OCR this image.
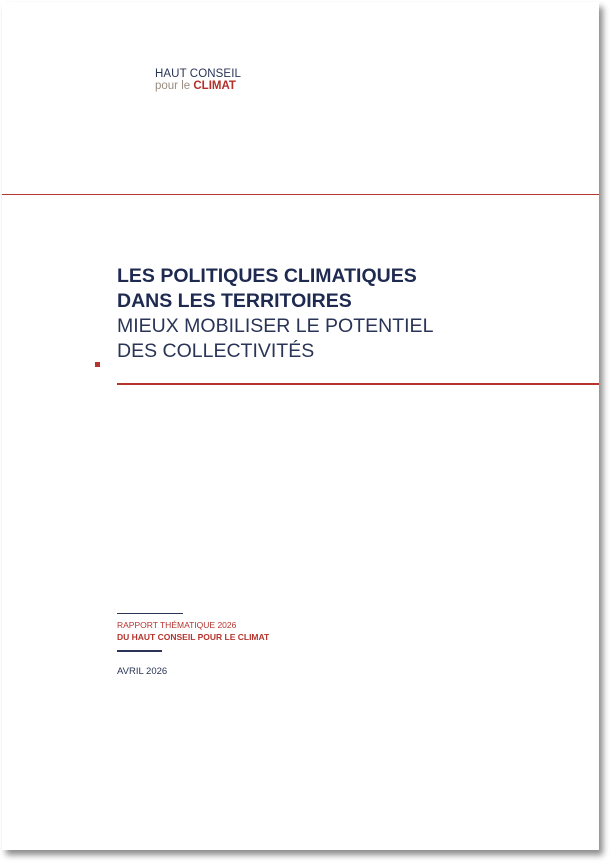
HAUT CONSEIL
pour le CLIMAT
LES POLITIQUES CLIMATIQUES
DANS LES TERRITOIRES
MIEUX MOBILISER LE POTENTIEL
DES COLLECTIVITÉS
RAPPORT THÉMATIQUE 2026
DU HAUT CONSEIL POUR LE CLIMAT
AVRIL 2026
